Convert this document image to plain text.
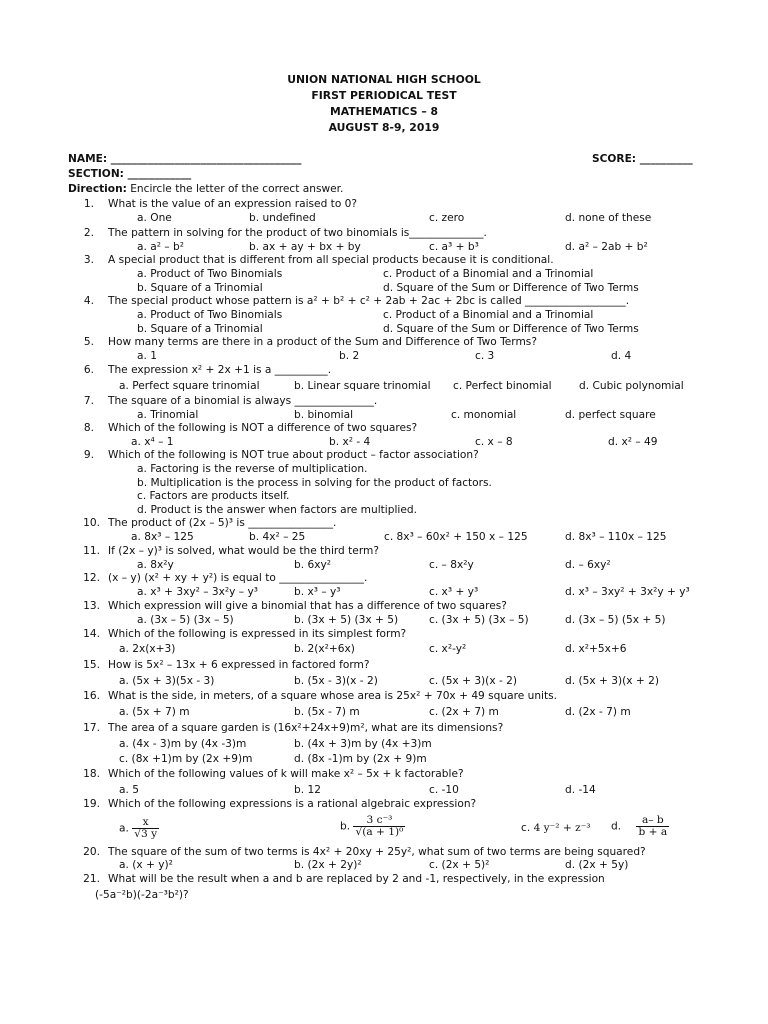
UNION NATIONAL HIGH SCHOOL
FIRST PERIODICAL TEST
MATHEMATICS – 8
AUGUST 8-9, 2019
NAME: ____________________________________	SCORE: __________
SECTION: ____________
Direction: Encircle the letter of the correct answer.
1. What is the value of an expression raised to 0?
a. One	b. undefined	c. zero	d. none of these
2. The pattern in solving for the product of two binomials is______________.
a. a² – b²	b. ax + ay + bx + by	c. a³ + b³	d. a² – 2ab + b²
3. A special product that is different from all special products because it is conditional.
a. Product of Two Binomials	c. Product of a Binomial and a Trinomial
b. Square of a Trinomial	d. Square of the Sum or Difference of Two Terms
4. The special product whose pattern is a² + b² + c² + 2ab + 2ac + 2bc is called ___________________.
a. Product of Two Binomials	c. Product of a Binomial and a Trinomial
b. Square of a Trinomial	d. Square of the Sum or Difference of Two Terms
5. How many terms are there in a product of the Sum and Difference of Two Terms?
a. 1	b. 2	c. 3	d. 4
6. The expression x² + 2x +1 is a __________.
a. Perfect square trinomial	b. Linear square trinomial c. Perfect binomial	d. Cubic polynomial
7. The square of a binomial is always _______________.
a. Trinomial	b. binomial	c. monomial	d. perfect square
8. Which of the following is NOT a difference of two squares?
a. x⁴ – 1	b. x² - 4	c. x – 8	d. x² – 49
9. Which of the following is NOT true about product – factor association?
a. Factoring is the reverse of multiplication.
b. Multiplication is the process in solving for the product of factors.
c. Factors are products itself.
d. Product is the answer when factors are multiplied.
10. The product of (2x – 5)³ is ________________.
a. 8x³ – 125	b. 4x² – 25	c. 8x³ – 60x² + 150 x – 125	d. 8x³ – 110x – 125
11. If (2x – y)³ is solved, what would be the third term?
a. 8x²y	b. 6xy²	c. – 8x²y	d. – 6xy²
12. (x – y) (x² + xy + y²) is equal to ________________.
a. x³ + 3xy² – 3x²y – y³	b. x³ – y³	c. x³ + y³	d. x³ – 3xy² + 3x²y + y³
13. Which expression will give a binomial that has a difference of two squares?
a. (3x – 5) (3x – 5)	b. (3x + 5) (3x + 5)	c. (3x + 5) (3x – 5)	d. (3x – 5) (5x + 5)
14. Which of the following is expressed in its simplest form?
a. 2x(x+3)	b. 2(x²+6x)	c. x²-y²	d. x²+5x+6
15. How is 5x² – 13x + 6 expressed in factored form?
a. (5x + 3)(5x - 3)	b. (5x - 3)(x - 2)	c. (5x + 3)(x - 2)	d. (5x + 3)(x + 2)
16. What is the side, in meters, of a square whose area is 25x² + 70x + 49 square units.
a. (5x + 7) m	b. (5x - 7) m	c. (2x + 7) m	d. (2x - 7) m
17. The area of a square garden is (16x²+24x+9)m², what are its dimensions?
a. (4x - 3)m by (4x -3)m	b. (4x + 3)m by (4x +3)m
c. (8x +1)m by (2x +9)m	d. (8x -1)m by (2x + 9)m
18. Which of the following values of k will make x² – 5x + k factorable?
a. 5	b. 12	c. -10	d. -14
19. Which of the following expressions is a rational algebraic expression?
a. $\frac{x}{√3 y}$	b. $\frac{\text{3 c⁻³}}{\text{√(a + 1)⁰}}$	c. 4 y⁻² + z⁻³ d. $\frac{a- b}{b + a}$
20. The square of the sum of two terms is 4x² + 20xy + 25y², what sum of two terms are being squared?
a. (x + y)²	b. (2x + 2y)²	c. (2x + 5)²	d. (2x + 5y)
21. What will be the result when a and b are replaced by 2 and -1, respectively, in the expression
(-5a⁻²b)(-2a⁻³b²)?
